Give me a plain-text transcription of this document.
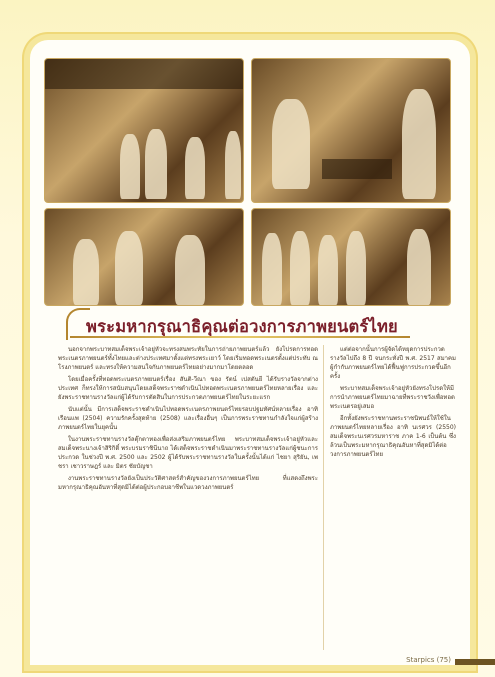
พระมหากรุณาธิคุณต่อวงการภาพยนตร์ไทย

นอกจากพระบาทสมเด็จพระเจ้าอยู่หัวจะทรงสนพระทัยในการถ่ายภาพยนตร์แล้ว ยังโปรดการทอดพระเนตรภาพยนตร์ทั้งไทยและต่างประเทศมาตั้งแต่ทรงพระเยาว์ โดยเริ่มทอดพระเนตรตั้งแต่ประทับ ณ โรงภาพยนตร์ และทรงให้ความสนใจกับภาพยนตร์ไทยอย่างมากมาโดยตลอด

โดยเมื่อครั้งที่ทอดพระเนตรภาพยนตร์เรื่อง สันติ-วีณา ของ รัตน์ เปสตันยี ได้รับรางวัลจากต่างประเทศ ก็ทรงให้การสนับสนุนโดยเสด็จพระราชดำเนินไปทอดพระเนตรภาพยนตร์ไทยหลายเรื่อง และยังพระราชทานรางวัลแก่ผู้ได้รับการตัดสินในการประกวดภาพยนตร์ไทยในระยะแรก

นับแต่นั้น มีการเสด็จพระราชดำเนินไปทอดพระเนตรภาพยนตร์ไทยรอบปฐมทัศน์หลายเรื่อง อาทิ เรือนแพ (2504) ความรักครั้งสุดท้าย (2508) และเรื่องอื่นๆ เป็นการพระราชทานกำลังใจแก่ผู้สร้างภาพยนตร์ไทยในยุคนั้น

ในงานพระราชทานรางวัลตุ๊กตาทองเพื่อส่งเสริมภาพยนตร์ไทย พระบาทสมเด็จพระเจ้าอยู่หัวและสมเด็จพระนางเจ้าสิริกิติ์ พระบรมราชินีนาถ ได้เสด็จพระราชดำเนินมาพระราชทานรางวัลแก่ผู้ชนะการประกวด ในช่วงปี พ.ศ. 2500 และ 2502 ผู้ได้รับพระราชทานรางวัลในครั้งนั้นได้แก่ ไชยา สุริยัน, เพชรา เชาวราษฎร์ และ มิตร ชัยบัญชา

งานพระราชทานรางวัลยังเป็นประวัติศาสตร์สำคัญของวงการภาพยนตร์ไทย ที่แสดงถึงพระมหากรุณาธิคุณอันหาที่สุดมิได้ต่อผู้ประกอบอาชีพในแวดวงภาพยนตร์

แต่ต่อจากนั้นการผู้จัดได้หยุดการประกวดรางวัลไปถึง 8 ปี จนกระทั่งปี พ.ศ. 2517 สมาคมผู้กำกับภาพยนตร์ไทยได้ฟื้นฟูการประกวดขึ้นอีกครั้ง

พระบาทสมเด็จพระเจ้าอยู่หัวยังทรงโปรดให้มีการนำภาพยนตร์ไทยมาฉายที่พระราชวังเพื่อทอดพระเนตรอยู่เสมอ

อีกทั้งยังพระราชทานพระราชนิพนธ์ให้ใช้ในภาพยนตร์ไทยหลายเรื่อง อาทิ นเรศวร (2550) สมเด็จพระนเรศวรมหาราช ภาค 1-6 เป็นต้น ซึ่งล้วนเป็นพระมหากรุณาธิคุณอันหาที่สุดมิได้ต่อวงการภาพยนตร์ไทย

Starpics (75)
